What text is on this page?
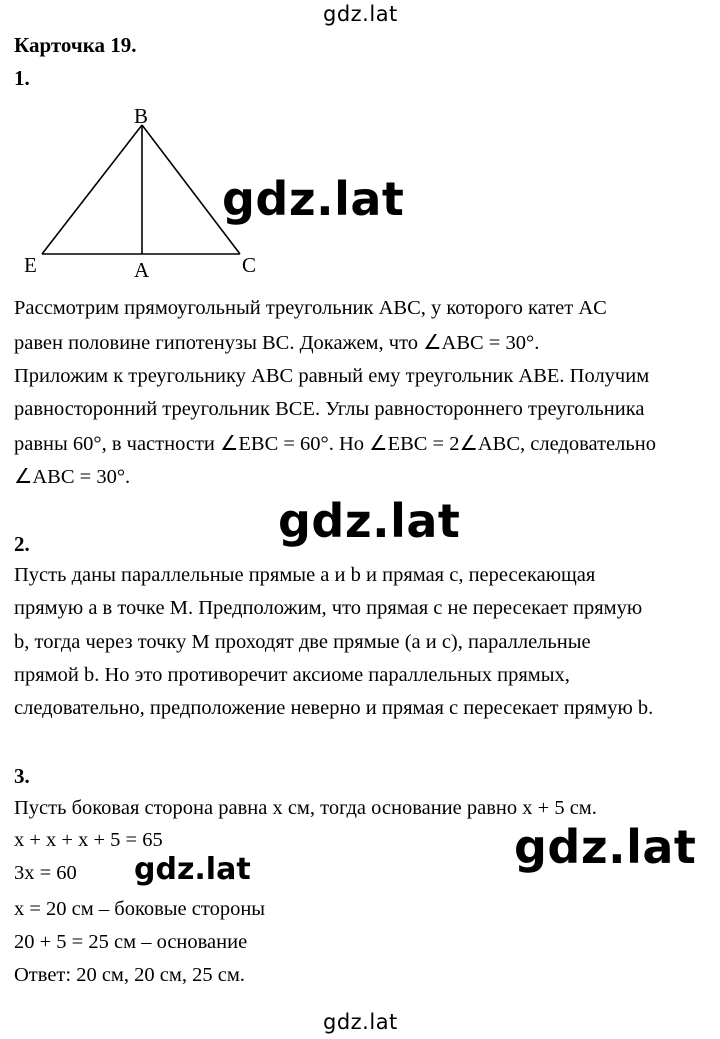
gdz.lat
Карточка 19.
1.
B
E	A	C
gdz.lat
Рассмотрим прямоугольный треугольник ABC, у которого катет AC
равен половине гипотенузы BC. Докажем, что ∠ABC = 30°.
Приложим к треугольнику ABC равный ему треугольник ABE. Получим
равносторонний треугольник BCE. Углы равностороннего треугольника
равны 60°, в частности ∠EBC = 60°. Но ∠EBC = 2∠ABC, следовательно
∠ABC = 30°.
gdz.lat
2.
Пусть даны параллельные прямые a и b и прямая c, пересекающая
прямую a в точке M. Предположим, что прямая c не пересекает прямую
b, тогда через точку M проходят две прямые (a и c), параллельные
прямой b. Но это противоречит аксиоме параллельных прямых,
следовательно, предположение неверно и прямая c пересекает прямую b.
3.
Пусть боковая сторона равна x см, тогда основание равно x + 5 см.
x + x + x + 5 = 65
3x = 60
x = 20 см – боковые стороны
20 + 5 = 25 см – основание
Ответ: 20 см, 20 см, 25 см.
gdz.lat
gdz.lat
gdz.lat
